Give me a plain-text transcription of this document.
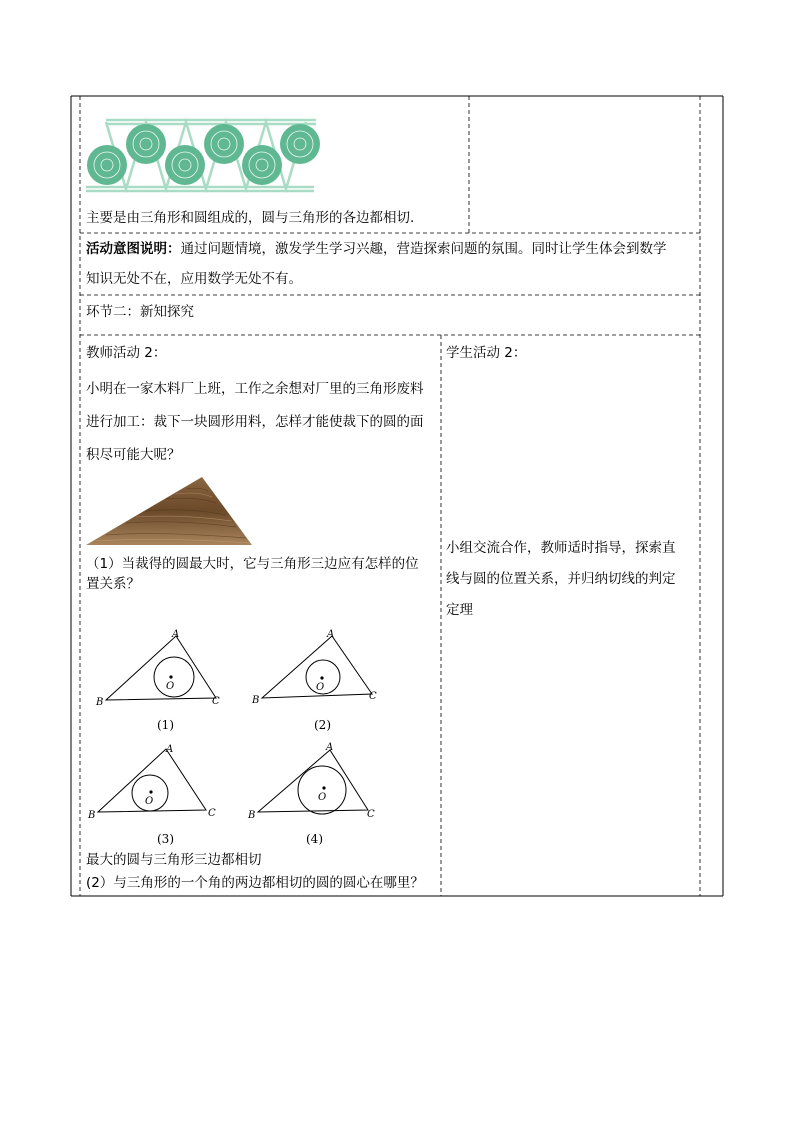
主要是由三角形和圆组成的，圆与三角形的各边都相切.
活动意图说明：通过问题情境，激发学生学习兴趣，营造探索问题的氛围。同时让学生体会到数学
知识无处不在，应用数学无处不有。
环节二：新知探究
教师活动 2：
小明在一家木料厂上班，工作之余想对厂里的三角形废料
进行加工：裁下一块圆形用料，怎样才能使裁下的圆的面
积尽可能大呢？
（1）当裁得的圆最大时，它与三角形三边应有怎样的位
置关系？
A
B	C
O
(1)
A
B	C
O
(2)
A
B	C
O
(3)
A
B	C
O
(4)
最大的圆与三角形三边都相切
(2）与三角形的一个角的两边都相切的圆的圆心在哪里？
学生活动 2：
小组交流合作，教师适时指导，探索直
线与圆的位置关系，并归纳切线的判定
定理
